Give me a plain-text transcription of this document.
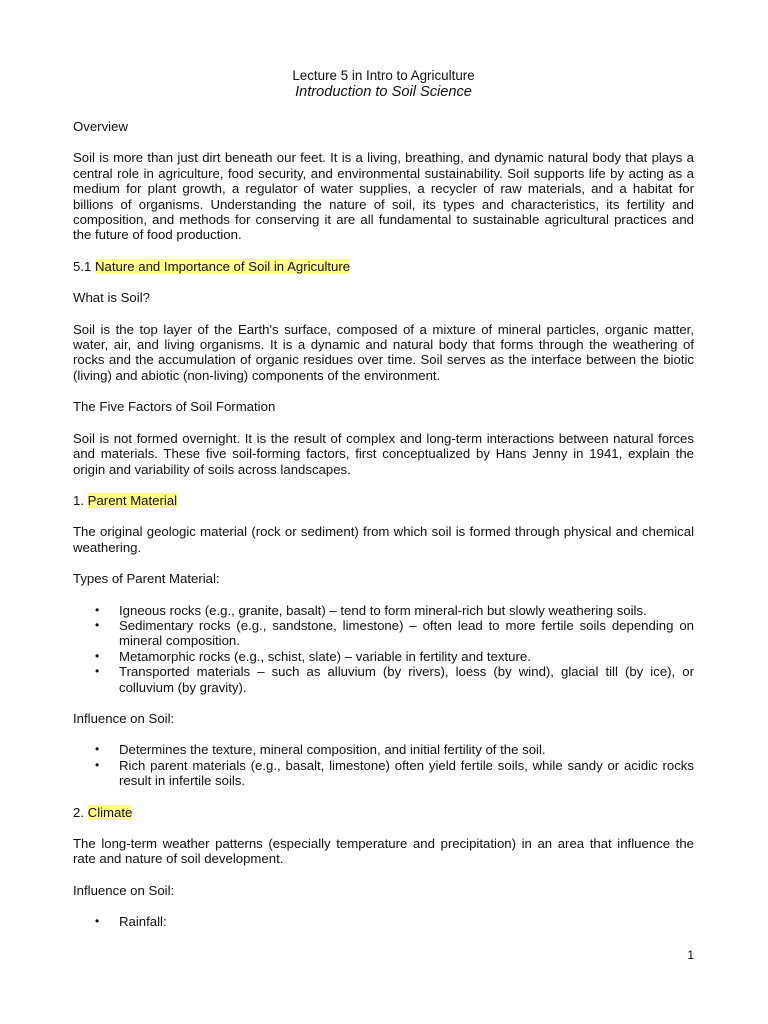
Lecture 5 in Intro to Agriculture
Introduction to Soil Science

Overview

Soil is more than just dirt beneath our feet. It is a living, breathing, and dynamic natural body that plays a central role in agriculture, food security, and environmental sustainability. Soil supports life by acting as a medium for plant growth, a regulator of water supplies, a recycler of raw materials, and a habitat for billions of organisms. Understanding the nature of soil, its types and characteristics, its fertility and composition, and methods for conserving it are all fundamental to sustainable agricultural practices and the future of food production.

5.1 Nature and Importance of Soil in Agriculture

What is Soil?

Soil is the top layer of the Earth's surface, composed of a mixture of mineral particles, organic matter, water, air, and living organisms. It is a dynamic and natural body that forms through the weathering of rocks and the accumulation of organic residues over time. Soil serves as the interface between the biotic (living) and abiotic (non-living) components of the environment.

The Five Factors of Soil Formation

Soil is not formed overnight. It is the result of complex and long-term interactions between natural forces and materials. These five soil-forming factors, first conceptualized by Hans Jenny in 1941, explain the origin and variability of soils across landscapes.

1. Parent Material

The original geologic material (rock or sediment) from which soil is formed through physical and chemical weathering.

Types of Parent Material:

• Igneous rocks (e.g., granite, basalt) – tend to form mineral-rich but slowly weathering soils.
• Sedimentary rocks (e.g., sandstone, limestone) – often lead to more fertile soils depending on mineral composition.
• Metamorphic rocks (e.g., schist, slate) – variable in fertility and texture.
• Transported materials – such as alluvium (by rivers), loess (by wind), glacial till (by ice), or colluvium (by gravity).

Influence on Soil:

• Determines the texture, mineral composition, and initial fertility of the soil.
• Rich parent materials (e.g., basalt, limestone) often yield fertile soils, while sandy or acidic rocks result in infertile soils.

2. Climate

The long-term weather patterns (especially temperature and precipitation) in an area that influence the rate and nature of soil development.

Influence on Soil:

• Rainfall:
1
